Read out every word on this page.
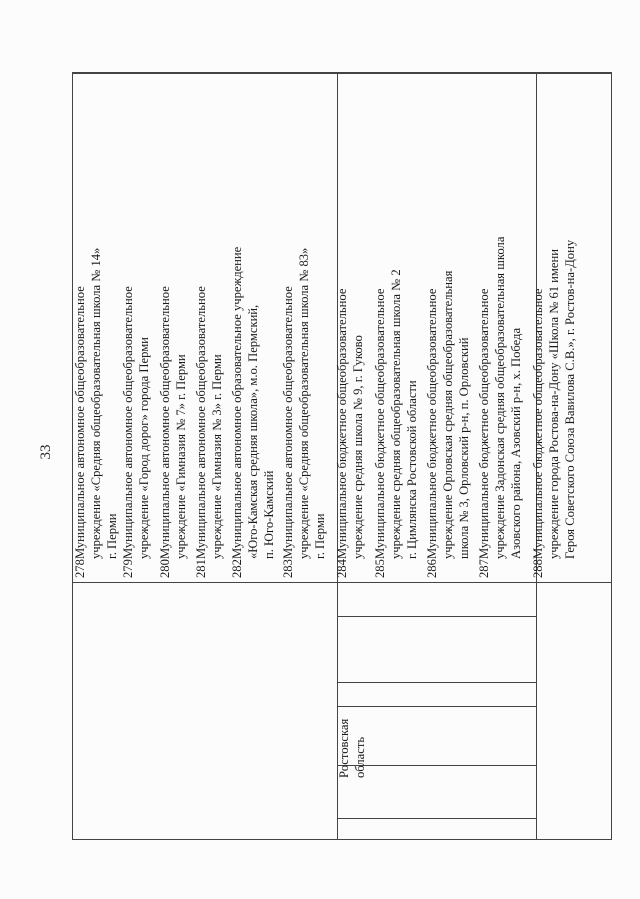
33
Ростовская область
278
Муниципальное автономное общеобразовательное учреждение «Средняя общеобразовательная школа № 14» г. Перми
279
Муниципальное автономное общеобразовательное учреждение «Город дорог» города Перми
280
Муниципальное автономное общеобразовательное учреждение «Гимназия № 7» г. Перми
281
Муниципальное автономное общеобразовательное учреждение «Гимназия № 3» г. Перми
282
Муниципальное автономное образовательное учреждение «Юго-Камская средняя школа», м.о. Пермский, п. Юго-Камский
283
Муниципальное автономное общеобразовательное учреждение «Средняя общеобразовательная школа № 83» г. Перми
284
Муниципальное бюджетное общеобразовательное учреждение средняя школа № 9, г. Гуково
285
Муниципальное бюджетное общеобразовательное учреждение средняя общеобразовательная школа № 2 г. Цимлянска Ростовской области
286
Муниципальное бюджетное общеобразовательное учреждение Орловская средняя общеобразовательная школа № 3, Орловский р-н, п. Орловский
287
Муниципальное бюджетное общеобразовательное учреждение Задонская средняя общеобразовательная школа Азовского района, Азовский р-н, х. Победа
288
Муниципальное бюджетное общеобразовательное учреждение города Ростова-на-Дону «Школа № 61 имени Героя Советского Союза Вавилова С.В.», г. Ростов-на-Дону
